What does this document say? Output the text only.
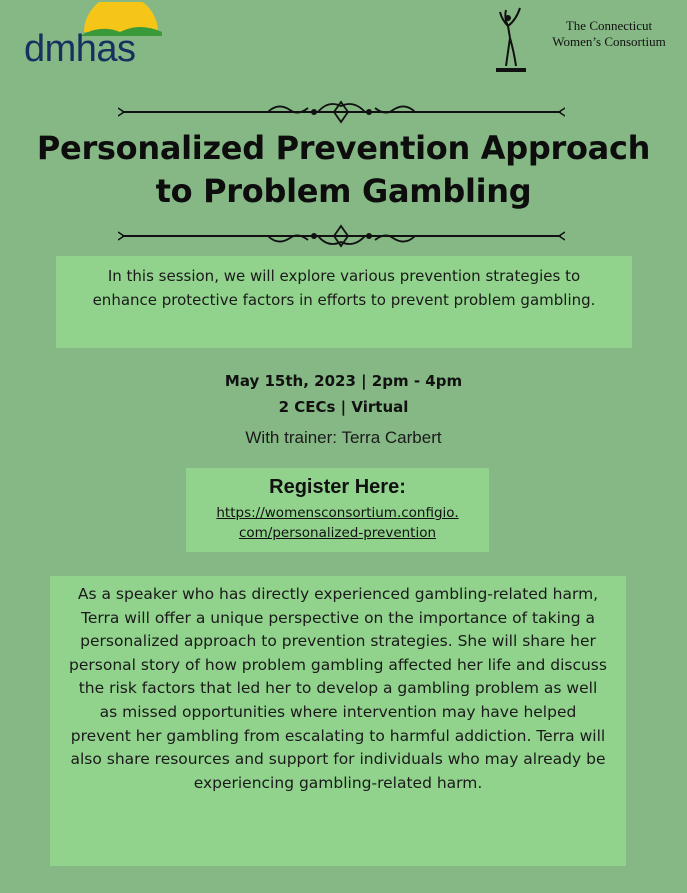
dmhas
The Connecticut
Women’s Consortium
Personalized Prevention Approach
to Problem Gambling

In this session, we will explore various prevention strategies to enhance protective factors in efforts to prevent problem gambling.

May 15th, 2023 | 2pm - 4pm
2 CECs | Virtual
With trainer: Terra Carbert
Register Here:
https://womensconsortium.configio.
com/personalized-prevention

As a speaker who has directly experienced gambling-related harm, Terra will offer a unique perspective on the importance of taking a personalized approach to prevention strategies. She will share her personal story of how problem gambling affected her life and discuss the risk factors that led her to develop a gambling problem as well as missed opportunities where intervention may have helped prevent her gambling from escalating to harmful addiction. Terra will also share resources and support for individuals who may already be experiencing gambling-related harm.
